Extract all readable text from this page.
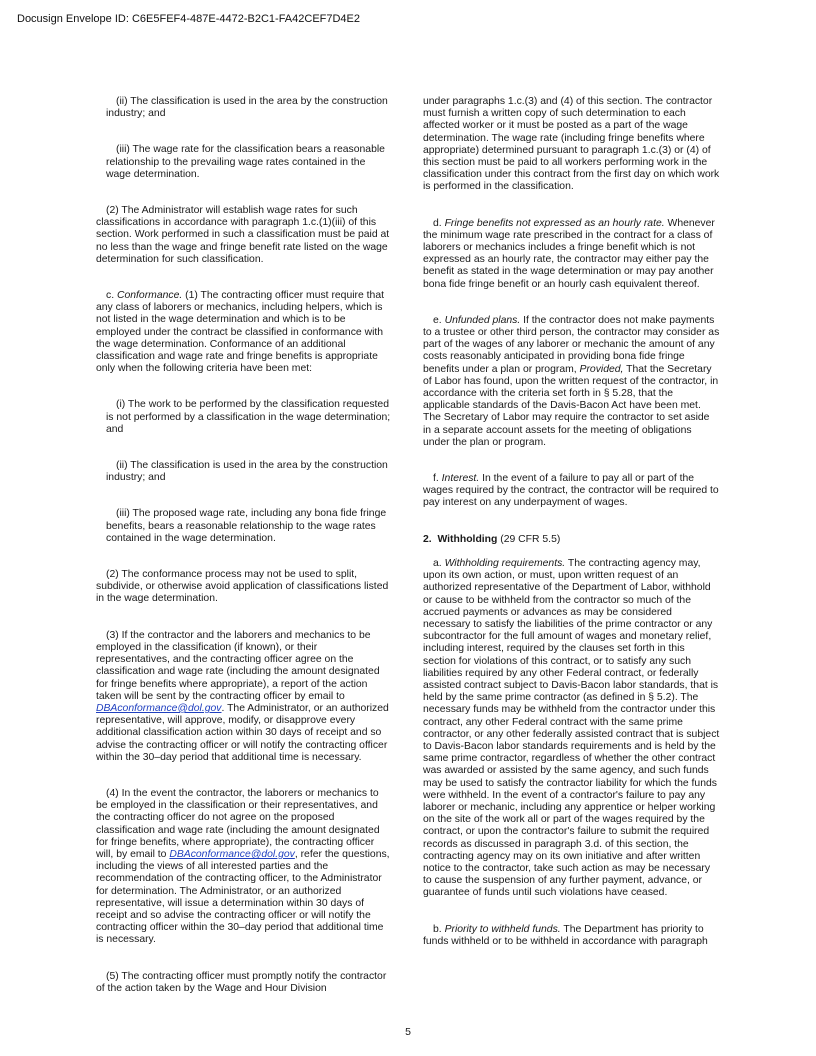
Docusign Envelope ID: C6E5FEF4-487E-4472-B2C1-FA42CEF7D4E2

(ii) The classification is used in the area by the construction industry; and

(iii) The wage rate for the classification bears a reasonable relationship to the prevailing wage rates contained in the wage determination.

(2) The Administrator will establish wage rates for such classifications in accordance with paragraph 1.c.(1)(iii) of this section. Work performed in such a classification must be paid at no less than the wage and fringe benefit rate listed on the wage determination for such classification.

c. Conformance. (1) The contracting officer must require that any class of laborers or mechanics, including helpers, which is not listed in the wage determination and which is to be employed under the contract be classified in conformance with the wage determination. Conformance of an additional classification and wage rate and fringe benefits is appropriate only when the following criteria have been met:

(i) The work to be performed by the classification requested is not performed by a classification in the wage determination; and

(ii) The classification is used in the area by the construction industry; and

(iii) The proposed wage rate, including any bona fide fringe benefits, bears a reasonable relationship to the wage rates contained in the wage determination.

(2) The conformance process may not be used to split, subdivide, or otherwise avoid application of classifications listed in the wage determination.

(3) If the contractor and the laborers and mechanics to be employed in the classification (if known), or their representatives, and the contracting officer agree on the classification and wage rate (including the amount designated for fringe benefits where appropriate), a report of the action taken will be sent by the contracting officer by email to DBAconformance@dol.gov. The Administrator, or an authorized representative, will approve, modify, or disapprove every additional classification action within 30 days of receipt and so advise the contracting officer or will notify the contracting officer within the 30–day period that additional time is necessary.

(4) In the event the contractor, the laborers or mechanics to be employed in the classification or their representatives, and the contracting officer do not agree on the proposed classification and wage rate (including the amount designated for fringe benefits, where appropriate), the contracting officer will, by email to DBAconformance@dol.gov, refer the questions, including the views of all interested parties and the recommendation of the contracting officer, to the Administrator for determination. The Administrator, or an authorized representative, will issue a determination within 30 days of receipt and so advise the contracting officer or will notify the contracting officer within the 30–day period that additional time is necessary.

(5) The contracting officer must promptly notify the contractor of the action taken by the Wage and Hour Division

under paragraphs 1.c.(3) and (4) of this section. The contractor must furnish a written copy of such determination to each affected worker or it must be posted as a part of the wage determination. The wage rate (including fringe benefits where appropriate) determined pursuant to paragraph 1.c.(3) or (4) of this section must be paid to all workers performing work in the classification under this contract from the first day on which work is performed in the classification.

d. Fringe benefits not expressed as an hourly rate. Whenever the minimum wage rate prescribed in the contract for a class of laborers or mechanics includes a fringe benefit which is not expressed as an hourly rate, the contractor may either pay the benefit as stated in the wage determination or may pay another bona fide fringe benefit or an hourly cash equivalent thereof.

e. Unfunded plans. If the contractor does not make payments to a trustee or other third person, the contractor may consider as part of the wages of any laborer or mechanic the amount of any costs reasonably anticipated in providing bona fide fringe benefits under a plan or program, Provided, That the Secretary of Labor has found, upon the written request of the contractor, in accordance with the criteria set forth in § 5.28, that the applicable standards of the Davis-Bacon Act have been met. The Secretary of Labor may require the contractor to set aside in a separate account assets for the meeting of obligations under the plan or program.

f. Interest. In the event of a failure to pay all or part of the wages required by the contract, the contractor will be required to pay interest on any underpayment of wages.

2. Withholding (29 CFR 5.5)

a. Withholding requirements. The contracting agency may, upon its own action, or must, upon written request of an authorized representative of the Department of Labor, withhold or cause to be withheld from the contractor so much of the accrued payments or advances as may be considered necessary to satisfy the liabilities of the prime contractor or any subcontractor for the full amount of wages and monetary relief, including interest, required by the clauses set forth in this section for violations of this contract, or to satisfy any such liabilities required by any other Federal contract, or federally assisted contract subject to Davis-Bacon labor standards, that is held by the same prime contractor (as defined in § 5.2). The necessary funds may be withheld from the contractor under this contract, any other Federal contract with the same prime contractor, or any other federally assisted contract that is subject to Davis-Bacon labor standards requirements and is held by the same prime contractor, regardless of whether the other contract was awarded or assisted by the same agency, and such funds may be used to satisfy the contractor liability for which the funds were withheld. In the event of a contractor's failure to pay any laborer or mechanic, including any apprentice or helper working on the site of the work all or part of the wages required by the contract, or upon the contractor's failure to submit the required records as discussed in paragraph 3.d. of this section, the contracting agency may on its own initiative and after written notice to the contractor, take such action as may be necessary to cause the suspension of any further payment, advance, or guarantee of funds until such violations have ceased.

b. Priority to withheld funds. The Department has priority to funds withheld or to be withheld in accordance with paragraph

5
